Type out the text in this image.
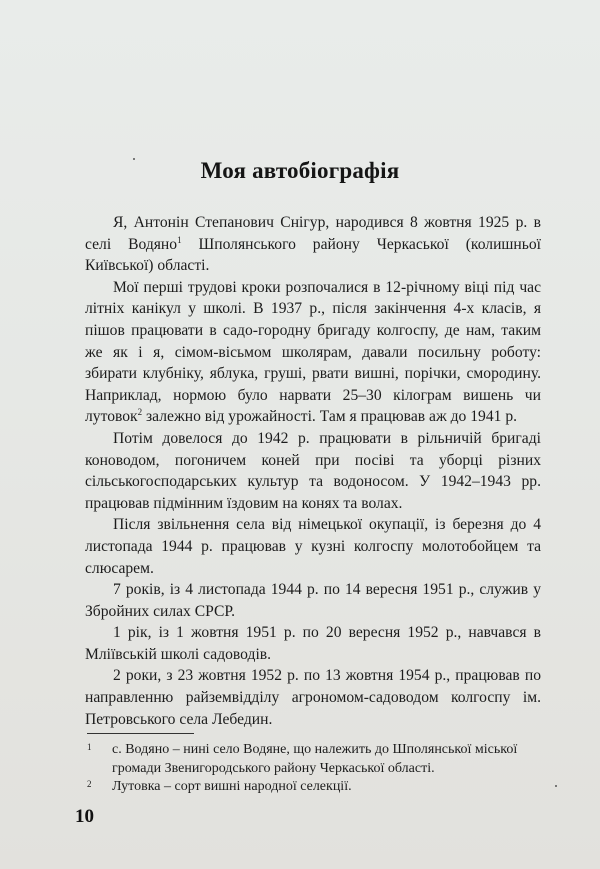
Моя автобіографія

Я, Антонін Степанович Снігур, народився 8 жовтня 1925 р. в селі Водяно$^1$ Шполянського району Черкаської (колишньої Київської) області.

Мої перші трудові кроки розпочалися в 12-річному віці під час літніх канікул у школі. В 1937 р., після закінчення 4-х класів, я пішов працювати в садо-городну бригаду колгоспу, де нам, таким же як і я, сімом-вісьмом школярам, давали посильну роботу: збирати клубніку, яблука, груші, рвати вишні, порічки, смородину. Наприклад, нормою було нарвати 25–30 кілограм вишень чи лутовок$^2$ залежно від урожайності. Там я працював аж до 1941 р.

Потім довелося до 1942 р. працювати в рільничій бригаді коноводом, погоничем коней при посіві та уборці різних сільськогосподарських культур та водоносом. У 1942–1943 рр. працював підмінним їздовим на конях та волах.

Після звільнення села від німецької окупації, із березня до 4 листопада 1944 р. працював у кузні колгоспу молотобойцем та слюсарем.

7 років, із 4 листопада 1944 р. по 14 вересня 1951 р., служив у Збройних силах СРСР.

1 рік, із 1 жовтня 1951 р. по 20 вересня 1952 р., навчався в Мліївській школі садоводів.

2 роки, з 23 жовтня 1952 р. по 13 жовтня 1954 р., працював по направленню райземвідділу агрономом-садоводом колгоспу ім. Петровського села Лебедин.

1 с. Водяно – нині село Водяне, що належить до Шполянської міської громади Звенигородського району Черкаської області.
2 Лутовка – сорт вишні народної селекції.
10
